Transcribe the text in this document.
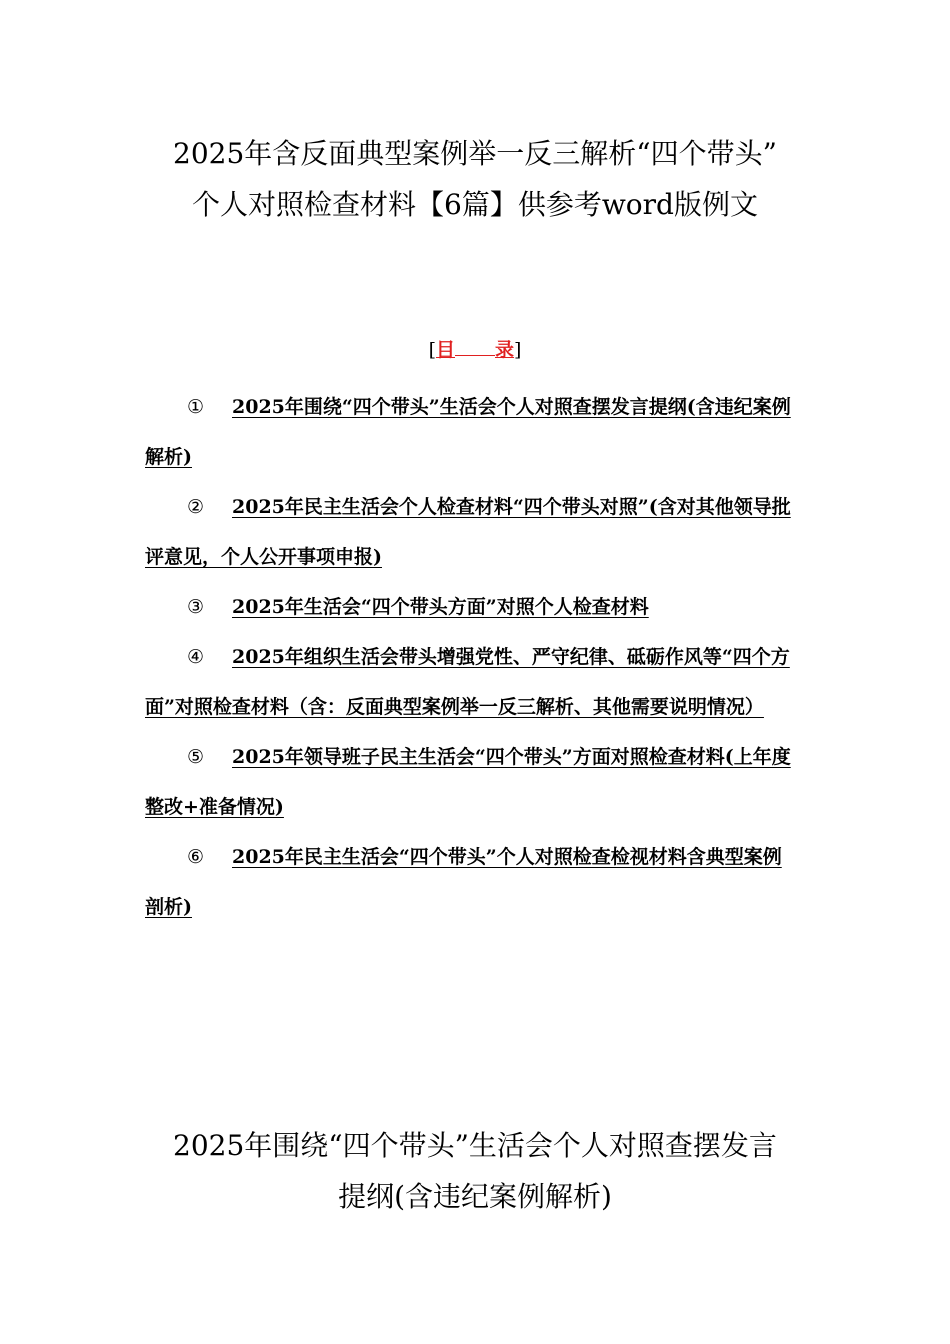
2025年含反面典型案例举一反三解析“四个带头”
个人对照检查材料【6篇】供参考word版例文
[目 录]
① 2025年围绕“四个带头”生活会个人对照查摆发言提纲(含违纪案例解析)
② 2025年民主生活会个人检查材料“四个带头对照”(含对其他领导批评意见，个人公开事项申报)
③ 2025年生活会“四个带头方面”对照个人检查材料
④ 2025年组织生活会带头增强党性、严守纪律、砥砺作风等“四个方面”对照检查材料（含：反面典型案例举一反三解析、其他需要说明情况）
⑤ 2025年领导班子民主生活会“四个带头”方面对照检查材料(上年度整改+准备情况)
⑥ 2025年民主生活会“四个带头”个人对照检查检视材料含典型案例剖析)
2025年围绕“四个带头”生活会个人对照查摆发言
提纲(含违纪案例解析)
